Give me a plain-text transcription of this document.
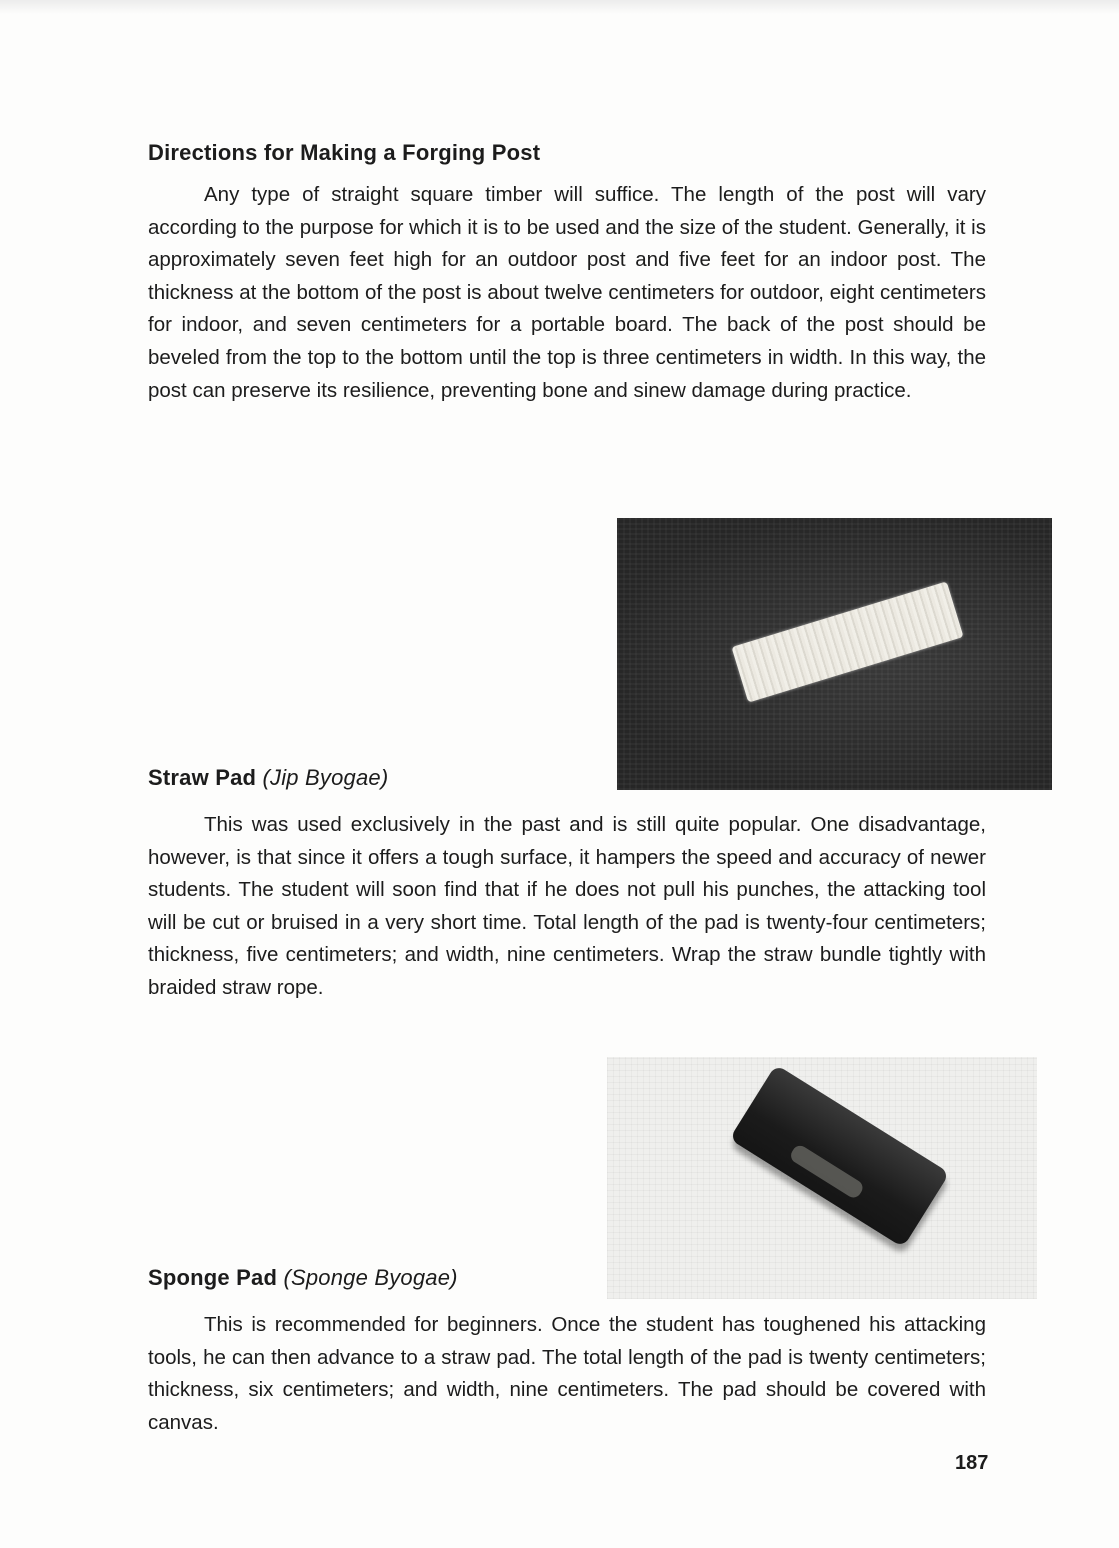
Directions for Making a Forging Post

Any type of straight square timber will suffice. The length of the post will vary according to the purpose for which it is to be used and the size of the student. Generally, it is approximately seven feet high for an outdoor post and five feet for an indoor post. The thickness at the bottom of the post is about twelve centimeters for outdoor, eight centimeters for indoor, and seven centimeters for a portable board. The back of the post should be beveled from the top to the bottom until the top is three centimeters in width. In this way, the post can preserve its resilience, preventing bone and sinew damage during practice.

Straw Pad (Jip Byogae)

This was used exclusively in the past and is still quite popular. One disadvantage, however, is that since it offers a tough surface, it hampers the speed and accuracy of newer students. The student will soon find that if he does not pull his punches, the attacking tool will be cut or bruised in a very short time. Total length of the pad is twenty-four centimeters; thickness, five centimeters; and width, nine centimeters. Wrap the straw bundle tightly with braided straw rope.

Sponge Pad (Sponge Byogae)

This is recommended for beginners. Once the student has toughened his attacking tools, he can then advance to a straw pad. The total length of the pad is twenty centimeters; thickness, six centimeters; and width, nine centimeters. The pad should be covered with canvas.

187
